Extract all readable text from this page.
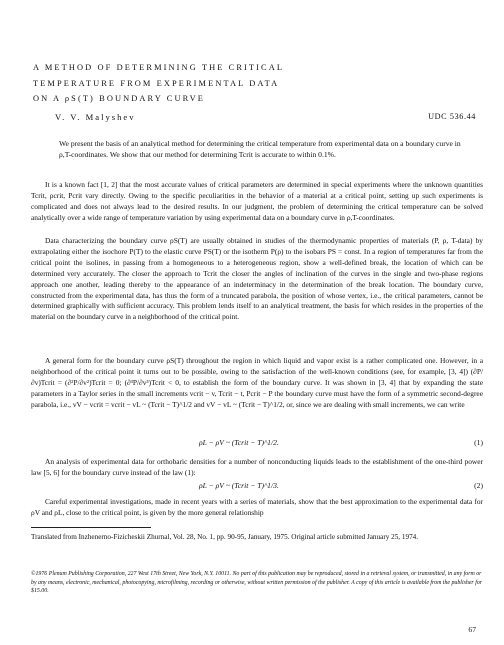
A METHOD OF DETERMINING THE CRITICAL
TEMPERATURE FROM EXPERIMENTAL DATA
ON A ρS(T) BOUNDARY CURVE
V. V. Malyshev	UDC 536.44

We present the basis of an analytical method for determining the critical temperature from experimental data on a boundary curve in ρ,T-coordinates. We show that our method for determining Tcrit is accurate to within 0.1%.

It is a known fact [1, 2] that the most accurate values of critical parameters are determined in special experiments where the unknown quantities Tcrit, ρcrit, Pcrit vary directly. Owing to the specific peculiarities in the behavior of a material at a critical point, setting up such experiments is complicated and does not always lead to the desired results. In our judgment, the problem of determining the critical temperature can be solved analytically over a wide range of temperature variation by using experimental data on a boundary curve in ρ,T-coordinates.

Data characterizing the boundary curve ρS(T) are usually obtained in studies of the thermodynamic properties of materials (P, ρ, T-data) by extrapolating either the isochore P(T) to the elastic curve PS(T) or the isotherm P(ρ) to the isobars PS = const. In a region of temperatures far from the critical point the isolines, in passing from a homogeneous to a heterogeneous region, show a well-defined break, the location of which can be determined very accurately. The closer the approach to Tcrit the closer the angles of inclination of the curves in the single and two-phase regions approach one another, leading thereby to the appearance of an indeterminacy in the determination of the break location. The boundary curve, constructed from the experimental data, has thus the form of a truncated parabola, the position of whose vertex, i.e., the critical parameters, cannot be determined graphically with sufficient accuracy. This problem lends itself to an analytical treatment, the basis for which resides in the properties of the material on the boundary curve in a neighborhood of the critical point.

A general form for the boundary curve ρS(T) throughout the region in which liquid and vapor exist is a rather complicated one. However, in a neighborhood of the critical point it turns out to be possible, owing to the satisfaction of the well-known conditions (see, for example, [3, 4]) (∂P/∂v)Tcrit = (∂²P/∂v²)Tcrit = 0; (∂³P/∂v³)Tcrit < 0, to establish the form of the boundary curve. It was shown in [3, 4] that by expanding the state parameters in a Taylor series in the small increments vcrit − v, Tcrit − t, Pcrit − P the boundary curve must have the form of a symmetric second-degree parabola, i.e., vV − vcrit = vcrit − vL ~ (Tcrit − T)^1/2 and vV − vL ~ (Tcrit − T)^1/2, or, since we are dealing with small increments, we can write

ρL − ρV ~ (Tcrit − T)^1/2.	(1)

An analysis of experimental data for orthobaric densities for a number of nonconducting liquids leads to the establishment of the one-third power law [5, 6] for the boundary curve instead of the law (1):

ρL − ρV ~ (Tcrit − T)^1/3.	(2)

Careful experimental investigations, made in recent years with a series of materials, show that the best approximation to the experimental data for ρV and ρL, close to the critical point, is given by the more general relationship

Translated from Inzhenerno-Fizicheskii Zhurnal, Vol. 28, No. 1, pp. 90-95, January, 1975. Original article submitted January 25, 1974.

©1976 Plenum Publishing Corporation, 227 West 17th Street, New York, N.Y. 10011. No part of this publication may be reproduced, stored in a retrieval system, or transmitted, in any form or by any means, electronic, mechanical, photocopying, microfilming, recording or otherwise, without written permission of the publisher. A copy of this article is available from the publisher for $15.00.

67
